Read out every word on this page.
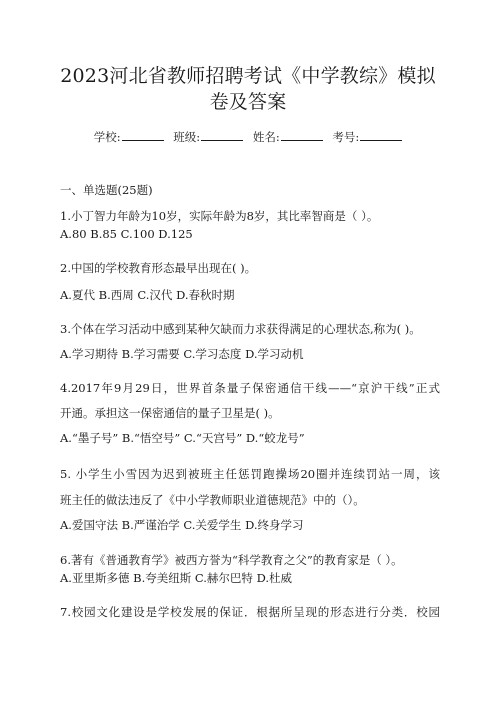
2023河北省教师招聘考试《中学教综》模拟
卷及答案
学校:	班级:	姓名:	考号:
一、单选题(25题)
1.小丁智力年龄为10岁，实际年龄为8岁，其比率智商是（ ）。
A.80 B.85 C.100 D.125
2.中国的学校教育形态最早出现在( )。
A.夏代 B.西周 C.汉代 D.春秋时期
3.个体在学习活动中感到某种欠缺而力求获得满足的心理状态,称为( )。
A.学习期待 B.学习需要 C.学习态度 D.学习动机
4.2017年9月29日，世界首条量子保密通信干线——“京沪干线”正式
开通。承担这一保密通信的量子卫星是( )。
A.“墨子号” B.“悟空号” C.“天宫号” D.“蛟龙号”
5. 小学生小雪因为迟到被班主任惩罚跑操场20圈并连续罚站一周，该
班主任的做法违反了《中小学教师职业道德规范》中的（）。
A.爱国守法 B.严谨治学 C.关爱学生 D.终身学习
6.著有《普通教育学》被西方誉为“科学教育之父”的教育家是（ ）。
A.亚里斯多德 B.夸美纽斯 C.赫尔巴特 D.杜威
7.校园文化建设是学校发展的保证．根据所呈现的形态进行分类．校园
